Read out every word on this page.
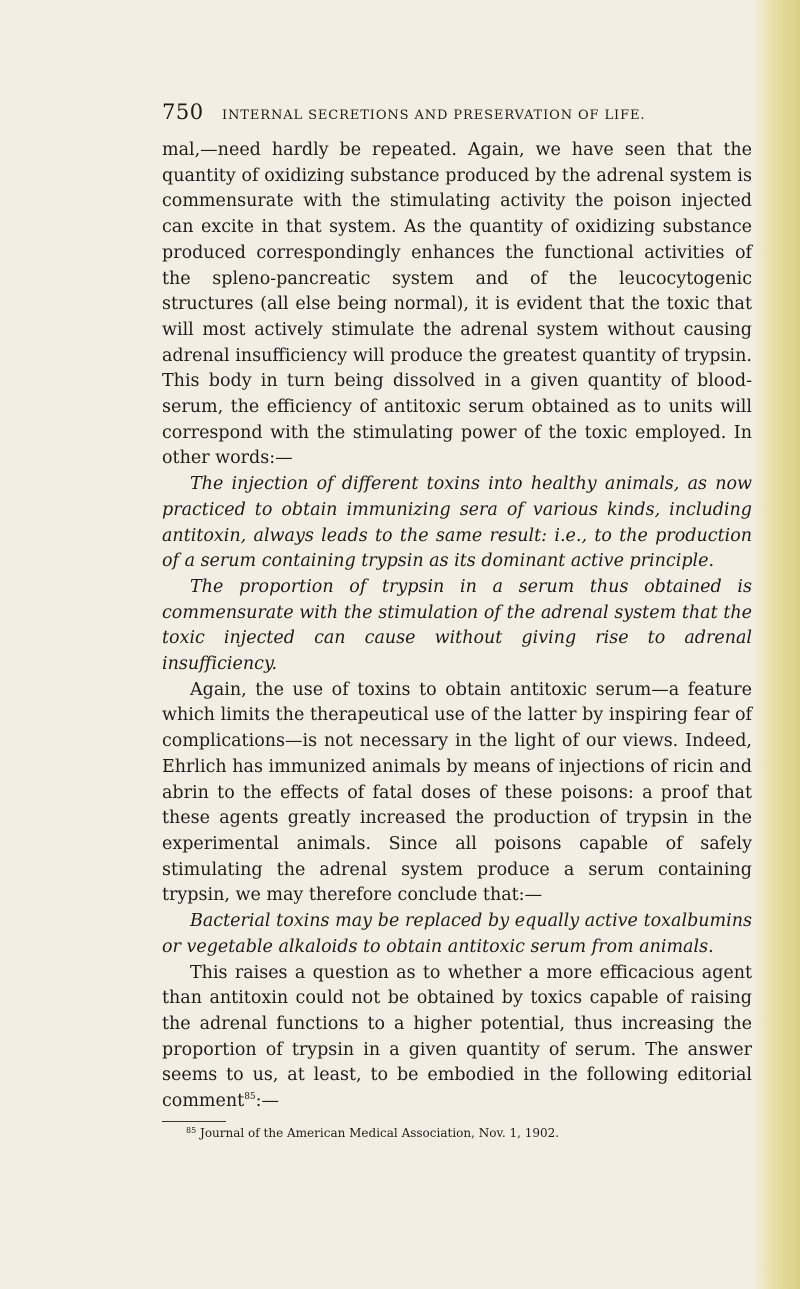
750	INTERNAL SECRETIONS AND PRESERVATION OF LIFE.

mal,—need hardly be repeated. Again, we have seen that the quantity of oxidizing substance produced by the adrenal system is commensurate with the stimulating activity the poison injected can excite in that system. As the quantity of oxidizing substance produced correspondingly enhances the functional activities of the spleno-pancreatic system and of the leucocytogenic structures (all else being normal), it is evident that the toxic that will most actively stimulate the adrenal system without causing adrenal insufficiency will produce the greatest quantity of trypsin. This body in turn being dissolved in a given quantity of blood-serum, the efficiency of antitoxic serum obtained as to units will correspond with the stimulating power of the toxic employed. In other words:—

The injection of different toxins into healthy animals, as now practiced to obtain immunizing sera of various kinds, including antitoxin, always leads to the same result: i.e., to the production of a serum containing trypsin as its dominant active principle.

The proportion of trypsin in a serum thus obtained is commensurate with the stimulation of the adrenal system that the toxic injected can cause without giving rise to adrenal insufficiency.

Again, the use of toxins to obtain antitoxic serum—a feature which limits the therapeutical use of the latter by inspiring fear of complications—is not necessary in the light of our views. Indeed, Ehrlich has immunized animals by means of injections of ricin and abrin to the effects of fatal doses of these poisons: a proof that these agents greatly increased the production of trypsin in the experimental animals. Since all poisons capable of safely stimulating the adrenal system produce a serum containing trypsin, we may therefore conclude that:—

Bacterial toxins may be replaced by equally active toxalbumins or vegetable alkaloids to obtain antitoxic serum from animals.

This raises a question as to whether a more efficacious agent than antitoxin could not be obtained by toxics capable of raising the adrenal functions to a higher potential, thus increasing the proportion of trypsin in a given quantity of serum. The answer seems to us, at least, to be embodied in the following editorial comment$^{85}$:—

$^{85}$ Journal of the American Medical Association, Nov. 1, 1902.
